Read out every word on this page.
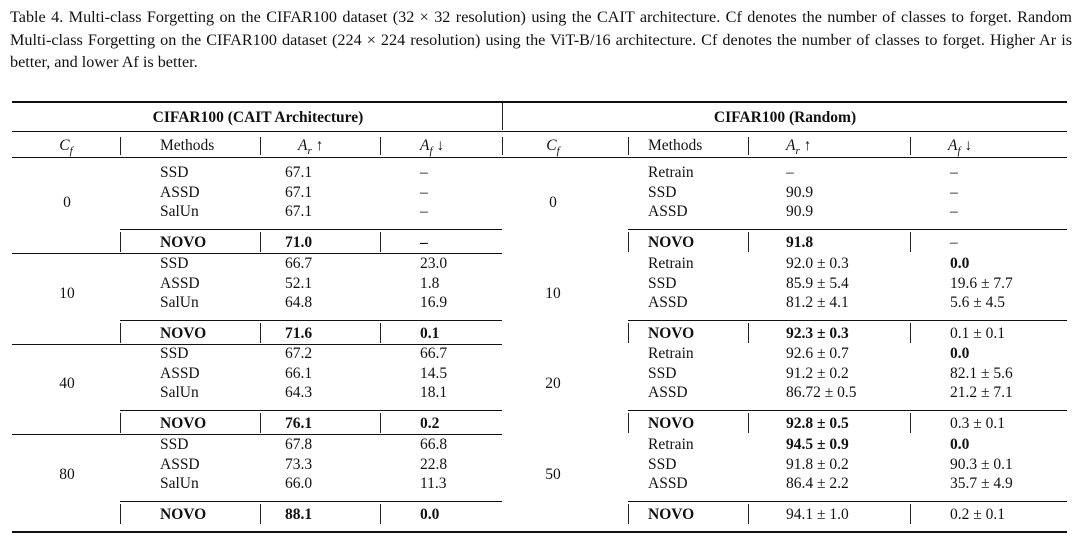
Table 4. Multi-class Forgetting on the CIFAR100 dataset (32 × 32 resolution) using the CAIT architecture. Cf denotes the number of classes to forget. Random Multi-class Forgetting on the CIFAR100 dataset (224 × 224 resolution) using the ViT-B/16 architecture. Cf denotes the number of classes to forget. Higher Ar is better, and lower Af is better.
CIFAR100 (CAIT Architecture)	CIFAR100 (Random)
$C_f$	Methods	$A_r$ ↑	$A_f$ ↓	$C_f$	Methods	$A_r$ ↑	$A_f$ ↓
0
SSD	67.1	–
ASSD	67.1	–
SalUn	67.1	–
NOVO	71.0	–
10
SSD	66.7	23.0
ASSD	52.1	1.8
SalUn	64.8	16.9
NOVO	71.6	0.1
40
SSD	67.2	66.7
ASSD	66.1	14.5
SalUn	64.3	18.1
NOVO	76.1	0.2
80
SSD	67.8	66.8
ASSD	73.3	22.8
SalUn	66.0	11.3
NOVO	88.1	0.0
0
Retrain	–	–
SSD	90.9	–
ASSD	90.9	–
NOVO	91.8	–
10
Retrain	92.0 ± 0.3	0.0
SSD	85.9 ± 5.4	19.6 ± 7.7
ASSD	81.2 ± 4.1	5.6 ± 4.5
NOVO	92.3 ± 0.3	0.1 ± 0.1
20
Retrain	92.6 ± 0.7	0.0
SSD	91.2 ± 0.2	82.1 ± 5.6
ASSD	86.72 ± 0.5	21.2 ± 7.1
NOVO	92.8 ± 0.5	0.3 ± 0.1
50
Retrain	94.5 ± 0.9	0.0
SSD	91.8 ± 0.2	90.3 ± 0.1
ASSD	86.4 ± 2.2	35.7 ± 4.9
NOVO	94.1 ± 1.0	0.2 ± 0.1
